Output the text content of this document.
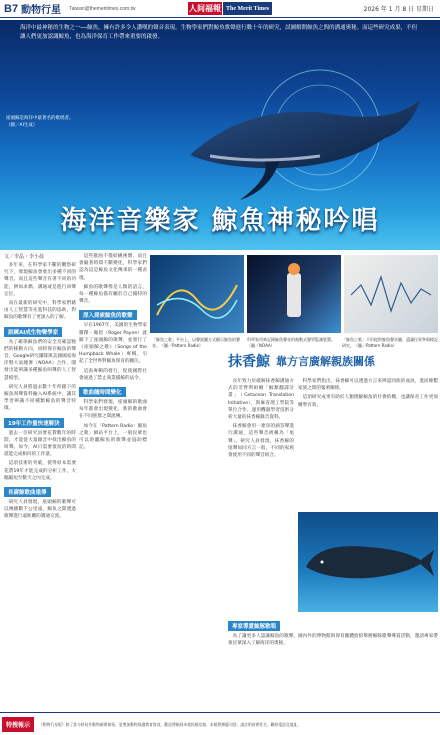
B7 動物行星 Taiwan@themeritimes.com.tw	人间福報 The Merit Times	2026 年 1 月 8 日 星期日
海洋中最神秘的生物之一──鯨魚，擁有許多令人讚嘆的聲音表現。生物學家們對鯨魚歌聲進行數十年的研究，試圖解開鯨魚之間的溝通奧秘。而這些研究成果，不但讓人們更加認識鯨魚，也為海洋保育工作帶來重要的啟發。
座頭鯨是海洋中最著名的歌唱者。（圖／AI生成）
海洋音樂家 鯨魚神秘吟唱
文／李晶・李小晨

多年來，在科學家不斷的觀察研究下，發現鯨魚會發出多種不同的聲音。而且這些聲音有著不同的功能，例如求偶、溝通或是進行回聲定位。

而在最新的研究中，科學家們藉由人工智慧等先進科技的協助，對鯨魚的歌聲有了更深入的了解。

訓練AI成生物聲學家

為了確保鯨魚們的安全及確認牠們的移動方向，同時保存鯨魚的聲音，Google研究團隊與美國國家海洋暨大氣總署（NOAA）合作，開發出能辨識多種鯨魚叫聲的人工智慧模型。

研究人員將過去數十年所錄下的鯨魚叫聲資料輸入AI系統中，讓其學習辨識不同種類鯨魚的聲音特徵。

19年工作量快速解決

過去一位研究員要花費數年的時間，才能從大量錄音中找出鯨魚的叫聲。如今，AI只需要很短的時間就能完成相同的工作量。

這項技術的突破，使得原本需要花費19年才能完成的分析工作，大幅縮短至數天之內完成。

長壽鯨歌曲遠傳

研究人員發現，座頭鯨的歌聲可以傳播數千公里遠，鯨魚之間透過歌聲進行遠距離的溝通交流。

這些歌曲不僅結構複雜，而且會隨著時間不斷變化，科學家們認為這是鯨魚文化傳承的一種表現。

鯨魚的歌聲像是人類的語言，每一種鯨魚都有屬於自己獨特的聲音。

深入探索鯨魚的歌聲

早在1967年，美國的生物學家羅傑・佩恩（Roger Payne）就錄下了座頭鯨的歌聲，並發行了《座頭鯨之歌》（Songs of the Humpback Whale）專輯，引起了全世界對鯨魚保育的關注。

這張專輯的發行，促使國際社會通過了禁止商業捕鯨的法令。

歌曲隨時間變化

科學家們發現，座頭鯨的歌曲每年都會出現變化，新的歌曲會在不同族群之間流傳。

如今在「Pattern Radio：鯨魚之歌」網站平台上，一般民眾也可以聆聽鯨魚的歌聲並協助標記。

「鯨魚之歌」平台上，以聲波圖方式顯示鯨魚的聲音。（圖／Pattern Radio）
科學家用來記錄鯨魚聲音的被動式聲學監測裝置。（圖／NOAA）
「鯨魚之歌」不但提供鯨魚聲音圖，還讓民眾參與標記研究。（圖／Pattern Radio）
抹香鯨 靠方言廣解親族關係

長年致力於破解抹香鯨溝通方式的非營利組織「鯨類翻譯計畫」（Cetacean Translation Initiative），與麻省理工學院等單位合作，運用機器學習技術分析大量的抹香鯨錄音資料。

抹香鯨會用一連串的滴答聲進行溝通，這些聲音被稱為「尾聲」。研究人員發現，抹香鯨的尾聲如同方言一般，不同的家族會使用不同的聲音組合。

科學家們指出，抹香鯨可以透過方言來辨認同族的成員，進而維繫家族之間的緊密關係。

這項研究成果有助於人類理解鯨魚的社會結構，也讓保育工作更加精準有效。

專家導賞鯨豚歌唱

為了讓更多人認識鯨魚的歌聲，國內外的博物館與保育團體紛紛舉辦鯨豚歌聲導賞活動，邀請專家帶領民眾深入了解海洋的奧秘。

特搜報示	《動物行星版》除了當今時局外動物新聞報導，更增加動物保護教育資訊，歡迎傳稿到本報投稿信箱，本報將擇優刊登，請註明真實姓名、聯絡電話及地址。
